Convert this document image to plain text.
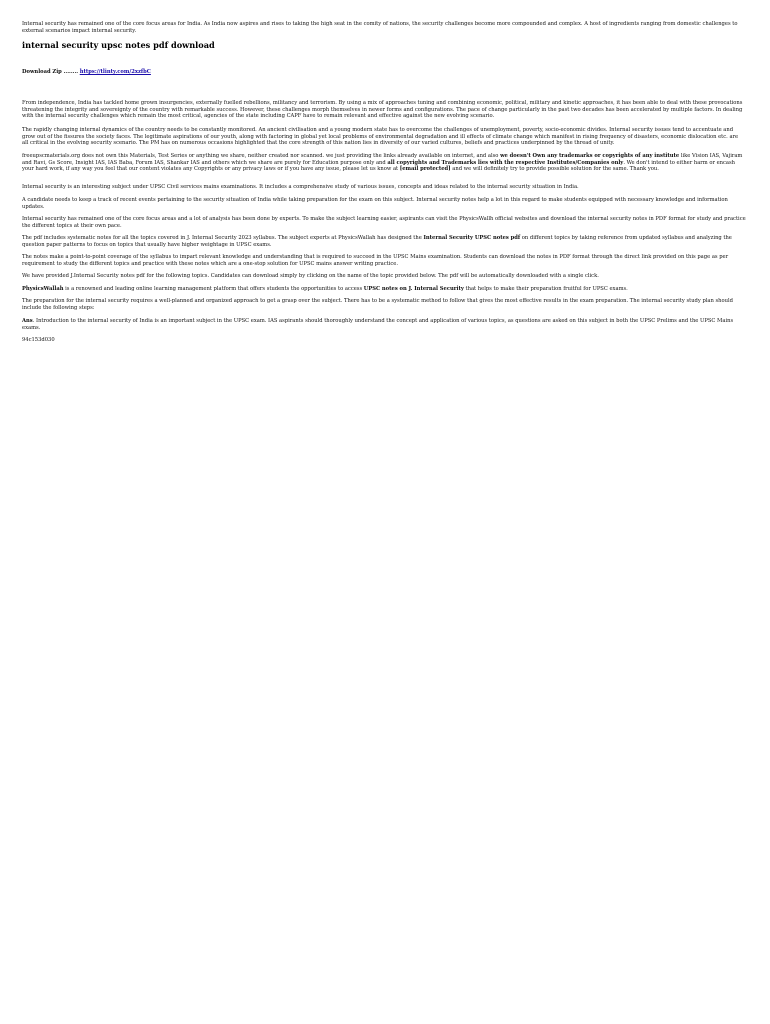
Internal security has remained one of the core focus areas for India. As India now aspires and rises to taking the high seat in the comity of nations, the security challenges become more compounded and complex. A host of ingredients ranging from domestic challenges to external scenarios impact internal security.
internal security upsc notes pdf download
Download Zip ........ https://tlinty.com/2xzfbC
From independence, India has tackled home grown insurgencies, externally fuelled rebellions, militancy and terrorism. By using a mix of approaches tuning and combining economic, political, military and kinetic approaches, it has been able to deal with these provocations threatening the integrity and sovereignty of the country with remarkable success. However, these challenges morph themselves in newer forms and configurations. The pace of change particularly in the past two decades has been accelerated by multiple factors. In dealing with the internal security challenges which remain the most critical, agencies of the state including CAPF have to remain relevant and effective against the new evolving scenario.
The rapidly changing internal dynamics of the country needs to be constantly monitored. An ancient civilisation and a young modern state has to overcome the challenges of unemployment, poverty, socio-economic divides. Internal security issues tend to accentuate and grow out of the fissures the society faces. The legitimate aspirations of our youth, along with factoring in global yet local problems of environmental degradation and ill effects of climate change which manifest in rising frequency of disasters, economic dislocation etc. are all critical in the evolving security scenario. The PM has on numerous occasions highlighted that the core strength of this nation lies in diversity of our varied cultures, beliefs and practices underpinned by the thread of unity.
freeupscmaterials.org does not own this Materials, Test Series or anything we share, neither created nor scanned. we just providing the links already available on internet, and also we doesn't Own any trademarks or copyrights of any institute like Vision IAS, Vajiram and Ravi, Gs Score, Insight IAS, IAS Baba, Forum IAS, Shankar IAS and others which we share are purely for Education purpose only and all copyrights and Trademarks lies with the respective Institutes/Companies only. We don't intend to either harm or encash your hard work, if any way you feel that our content violates any Copyrights or any privacy laws or if you have any issue, please let us know at [email protected] and we will definitely try to provide possible solution for the same. Thank you.
Internal security is an interesting subject under UPSC Civil services mains examinations. It includes a comprehensive study of various issues, concepts and ideas related to the internal security situation in India.
A candidate needs to keep a track of recent events pertaining to the security situation of India while taking preparation for the exam on this subject. Internal security notes help a lot in this regard to make students equipped with necessary knowledge and information updates.
Internal security has remained one of the core focus areas and a lot of analysis has been done by experts. To make the subject learning easier, aspirants can visit the PhysicsWallh official websites and download the internal security notes in PDF format for study and practice the different topics at their own pace.
The pdf includes systematic notes for all the topics covered in J. Internal Security 2023 syllabus. The subject experts at PhysicsWallah has designed the Internal Security UPSC notes pdf on different topics by taking reference from updated syllabus and analyzing the question paper patterns to focus on topics that usually have higher weightage in UPSC exams.
The notes make a point-to-point coverage of the syllabus to impart relevant knowledge and understanding that is required to succeed in the UPSC Mains examination. Students can download the notes in PDF format through the direct link provided on this page as per requirement to study the different topics and practice with these notes which are a one-stop solution for UPSC mains answer writing practice.
We have provided J.Internal Security notes pdf for the following topics. Candidates can download simply by clicking on the name of the topic provided below. The pdf will be automatically downloaded with a single click.
PhysicsWallah is a renowned and leading online learning management platform that offers students the opportunities to access UPSC notes on J. Internal Security that helps to make their preparation fruitful for UPSC exams.
The preparation for the internal security requires a well-planned and organized approach to get a grasp over the subject. There has to be a systematic method to follow that gives the most effective results in the exam preparation. The internal security study plan should include the following steps:
Ans. Introduction to the internal security of India is an important subject in the UPSC exam. IAS aspirants should thoroughly understand the concept and application of various topics, as questions are asked on this subject in both the UPSC Prelims and the UPSC Mains exams.
94c153d030
